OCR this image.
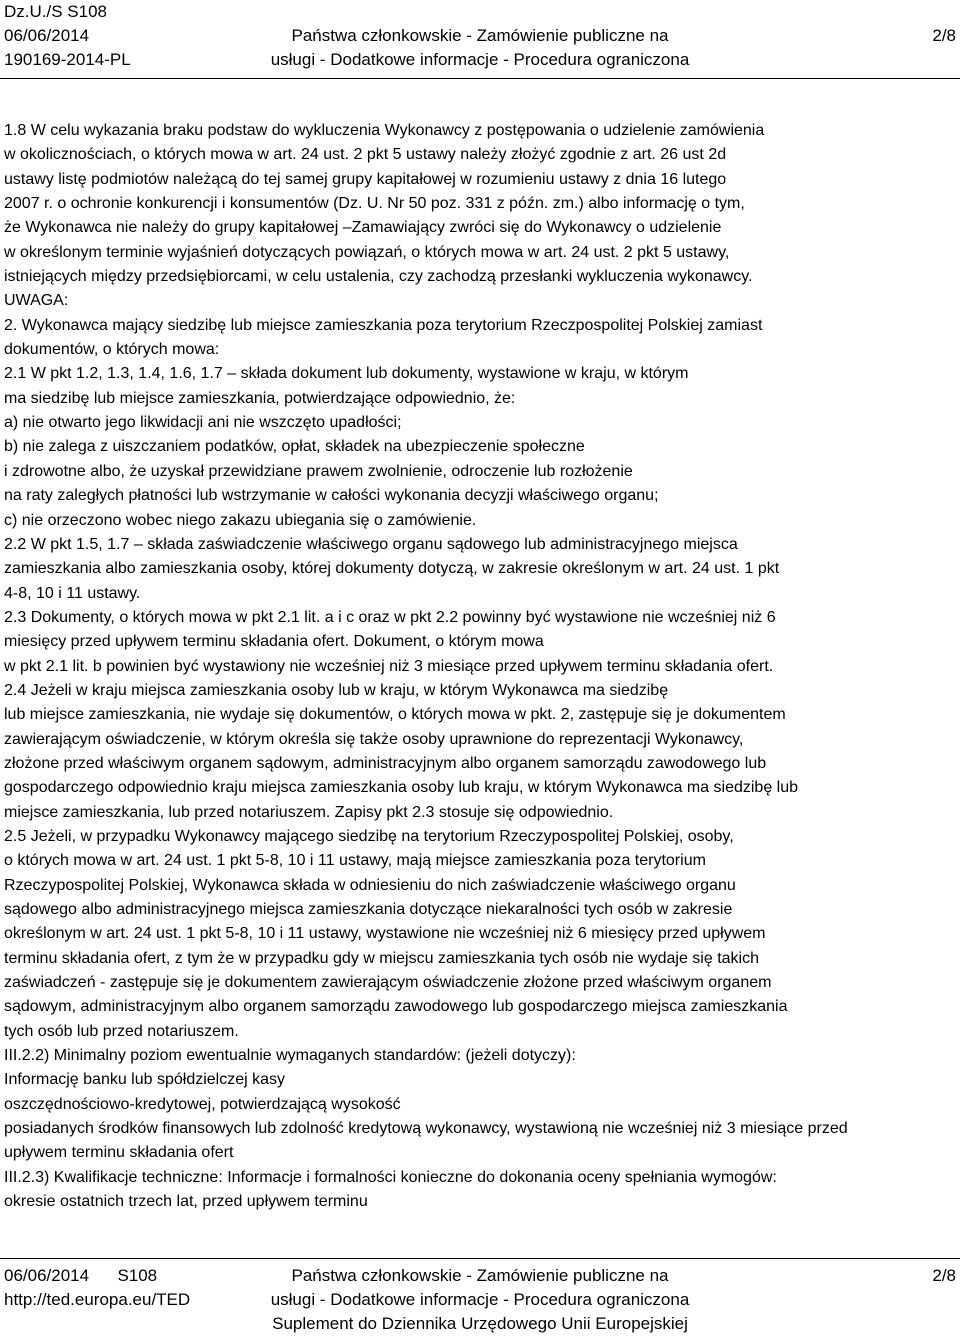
Dz.U./S S108
06/06/2014
190169-2014-PL
Państwa członkowskie - Zamówienie publiczne na
usługi - Dodatkowe informacje - Procedura ograniczona
2/8
1.8 W celu wykazania braku podstaw do wykluczenia Wykonawcy z postępowania o udzielenie zamówienia
w okolicznościach, o których mowa w art. 24 ust. 2 pkt 5 ustawy należy złożyć zgodnie z art. 26 ust 2d
ustawy listę podmiotów należącą do tej samej grupy kapitałowej w rozumieniu ustawy z dnia 16 lutego
2007 r. o ochronie konkurencji i konsumentów (Dz. U. Nr 50 poz. 331 z późn. zm.) albo informację o tym,
że Wykonawca nie należy do grupy kapitałowej –Zamawiający zwróci się do Wykonawcy o udzielenie
w określonym terminie wyjaśnień dotyczących powiązań, o których mowa w art. 24 ust. 2 pkt 5 ustawy,
istniejących między przedsiębiorcami, w celu ustalenia, czy zachodzą przesłanki wykluczenia wykonawcy.
UWAGA:
2. Wykonawca mający siedzibę lub miejsce zamieszkania poza terytorium Rzeczpospolitej Polskiej zamiast
dokumentów, o których mowa:
2.1 W pkt 1.2, 1.3, 1.4, 1.6, 1.7 – składa dokument lub dokumenty, wystawione w kraju, w którym
ma siedzibę lub miejsce zamieszkania, potwierdzające odpowiednio, że:
a) nie otwarto jego likwidacji ani nie wszczęto upadłości;
b) nie zalega z uiszczaniem podatków, opłat, składek na ubezpieczenie społeczne
i zdrowotne albo, że uzyskał przewidziane prawem zwolnienie, odroczenie lub rozłożenie
na raty zaległych płatności lub wstrzymanie w całości wykonania decyzji właściwego organu;
c) nie orzeczono wobec niego zakazu ubiegania się o zamówienie.
2.2 W pkt 1.5, 1.7 – składa zaświadczenie właściwego organu sądowego lub administracyjnego miejsca
zamieszkania albo zamieszkania osoby, której dokumenty dotyczą, w zakresie określonym w art. 24 ust. 1 pkt
4-8, 10 i 11 ustawy.
2.3 Dokumenty, o których mowa w pkt 2.1 lit. a i c oraz w pkt 2.2 powinny być wystawione nie wcześniej niż 6
miesięcy przed upływem terminu składania ofert. Dokument, o którym mowa
w pkt 2.1 lit. b powinien być wystawiony nie wcześniej niż 3 miesiące przed upływem terminu składania ofert.
2.4 Jeżeli w kraju miejsca zamieszkania osoby lub w kraju, w którym Wykonawca ma siedzibę
lub miejsce zamieszkania, nie wydaje się dokumentów, o których mowa w pkt. 2, zastępuje się je dokumentem
zawierającym oświadczenie, w którym określa się także osoby uprawnione do reprezentacji Wykonawcy,
złożone przed właściwym organem sądowym, administracyjnym albo organem samorządu zawodowego lub
gospodarczego odpowiednio kraju miejsca zamieszkania osoby lub kraju, w którym Wykonawca ma siedzibę lub
miejsce zamieszkania, lub przed notariuszem. Zapisy pkt 2.3 stosuje się odpowiednio.
2.5 Jeżeli, w przypadku Wykonawcy mającego siedzibę na terytorium Rzeczypospolitej Polskiej, osoby,
o których mowa w art. 24 ust. 1 pkt 5-8, 10 i 11 ustawy, mają miejsce zamieszkania poza terytorium
Rzeczypospolitej Polskiej, Wykonawca składa w odniesieniu do nich zaświadczenie właściwego organu
sądowego albo administracyjnego miejsca zamieszkania dotyczące niekaralności tych osób w zakresie
określonym w art. 24 ust. 1 pkt 5-8, 10 i 11 ustawy, wystawione nie wcześniej niż 6 miesięcy przed upływem
terminu składania ofert, z tym że w przypadku gdy w miejscu zamieszkania tych osób nie wydaje się takich
zaświadczeń - zastępuje się je dokumentem zawierającym oświadczenie złożone przed właściwym organem
sądowym, administracyjnym albo organem samorządu zawodowego lub gospodarczego miejsca zamieszkania
tych osób lub przed notariuszem.
III.2.2) Minimalny poziom ewentualnie wymaganych standardów: (jeżeli dotyczy):
Informację banku lub spółdzielczej kasy
oszczędnościowo-kredytowej, potwierdzającą wysokość
posiadanych środków finansowych lub zdolność kredytową wykonawcy, wystawioną nie wcześniej niż 3 miesiące przed
upływem terminu składania ofert
III.2.3) Kwalifikacje techniczne: Informacje i formalności konieczne do dokonania oceny spełniania wymogów:
okresie ostatnich trzech lat, przed upływem terminu
06/06/2014 S108
http://ted.europa.eu/TED
Państwa członkowskie - Zamówienie publiczne na
usługi - Dodatkowe informacje - Procedura ograniczona
Suplement do Dziennika Urzędowego Unii Europejskiej
2/8
